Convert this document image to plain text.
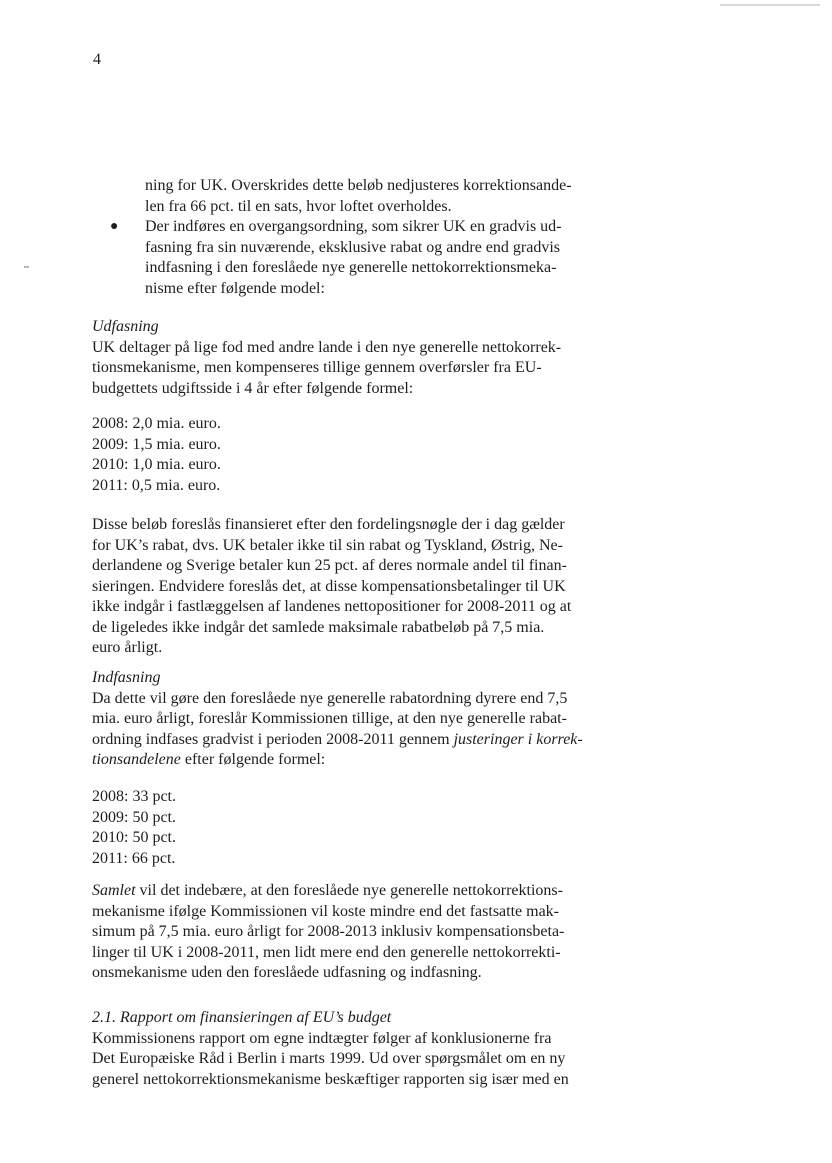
4
ning for UK. Overskrides dette beløb nedjusteres korrektionsande-
len fra 66 pct. til en sats, hvor loftet overholdes.
● Der indføres en overgangsordning, som sikrer UK en gradvis ud-
fasning fra sin nuværende, eksklusive rabat og andre end gradvis
indfasning i den foreslåede nye generelle nettokorrektionsmeka-
nisme efter følgende model:
Udfasning
UK deltager på lige fod med andre lande i den nye generelle nettokorrek-
tionsmekanisme, men kompenseres tillige gennem overførsler fra EU-
budgettets udgiftsside i 4 år efter følgende formel:
2008: 2,0 mia. euro.
2009: 1,5 mia. euro.
2010: 1,0 mia. euro.
2011: 0,5 mia. euro.
Disse beløb foreslås finansieret efter den fordelingsnøgle der i dag gælder
for UK’s rabat, dvs. UK betaler ikke til sin rabat og Tyskland, Østrig, Ne-
derlandene og Sverige betaler kun 25 pct. af deres normale andel til finan-
sieringen. Endvidere foreslås det, at disse kompensationsbetalinger til UK
ikke indgår i fastlæggelsen af landenes nettopositioner for 2008-2011 og at
de ligeledes ikke indgår det samlede maksimale rabatbeløb på 7,5 mia.
euro årligt.
Indfasning
Da dette vil gøre den foreslåede nye generelle rabatordning dyrere end 7,5
mia. euro årligt, foreslår Kommissionen tillige, at den nye generelle rabat-
ordning indfases gradvist i perioden 2008-2011 gennem justeringer i korrek-
tionsandelene efter følgende formel:
2008: 33 pct.
2009: 50 pct.
2010: 50 pct.
2011: 66 pct.
Samlet vil det indebære, at den foreslåede nye generelle nettokorrektions-
mekanisme ifølge Kommissionen vil koste mindre end det fastsatte mak-
simum på 7,5 mia. euro årligt for 2008-2013 inklusiv kompensationsbeta-
linger til UK i 2008-2011, men lidt mere end den generelle nettokorrekti-
onsmekanisme uden den foreslåede udfasning og indfasning.
2.1. Rapport om finansieringen af EU’s budget
Kommissionens rapport om egne indtægter følger af konklusionerne fra
Det Europæiske Råd i Berlin i marts 1999. Ud over spørgsmålet om en ny
generel nettokorrektionsmekanisme beskæftiger rapporten sig især med en
